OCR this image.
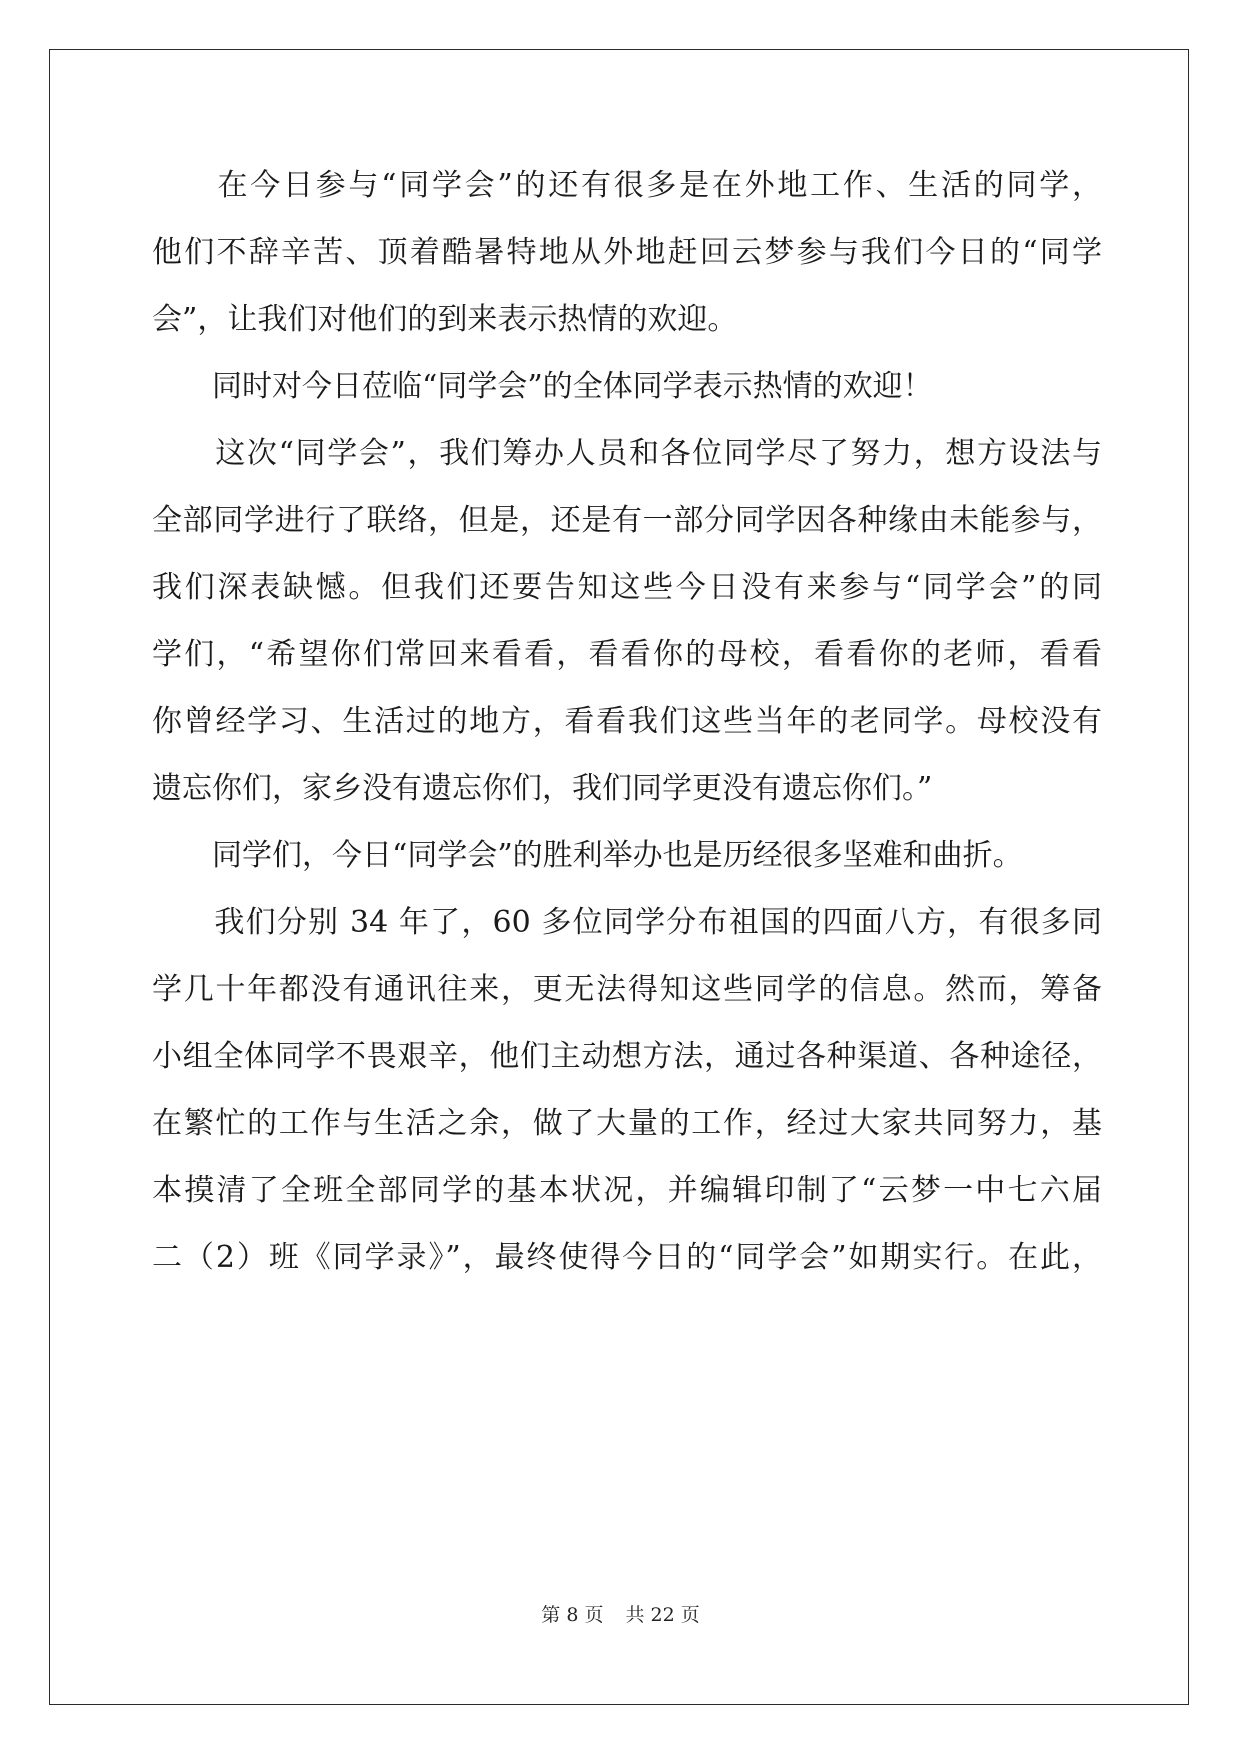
　　在今日参与“同学会”的还有很多是在外地工作、生活的同学，
他们不辞辛苦、顶着酷暑特地从外地赶回云梦参与我们今日的“同学
会”，让我们对他们的到来表示热情的欢迎。
　　同时对今日莅临“同学会”的全体同学表示热情的欢迎！
　　这次“同学会”，我们筹办人员和各位同学尽了努力，想方设法与
全部同学进行了联络，但是，还是有一部分同学因各种缘由未能参与，
我们深表缺憾。但我们还要告知这些今日没有来参与“同学会”的同
学们，“希望你们常回来看看，看看你的母校，看看你的老师，看看
你曾经学习、生活过的地方，看看我们这些当年的老同学。母校没有
遗忘你们，家乡没有遗忘你们，我们同学更没有遗忘你们。”
　　同学们，今日“同学会”的胜利举办也是历经很多坚难和曲折。
　　我们分别 34 年了，60 多位同学分布祖国的四面八方，有很多同
学几十年都没有通讯往来，更无法得知这些同学的信息。然而，筹备
小组全体同学不畏艰辛，他们主动想方法，通过各种渠道、各种途径，
在繁忙的工作与生活之余，做了大量的工作，经过大家共同努力，基
本摸清了全班全部同学的基本状况，并编辑印制了“云梦一中七六届
二（2）班《同学录》”，最终使得今日的“同学会”如期实行。在此，
第 8 页 共 22 页
